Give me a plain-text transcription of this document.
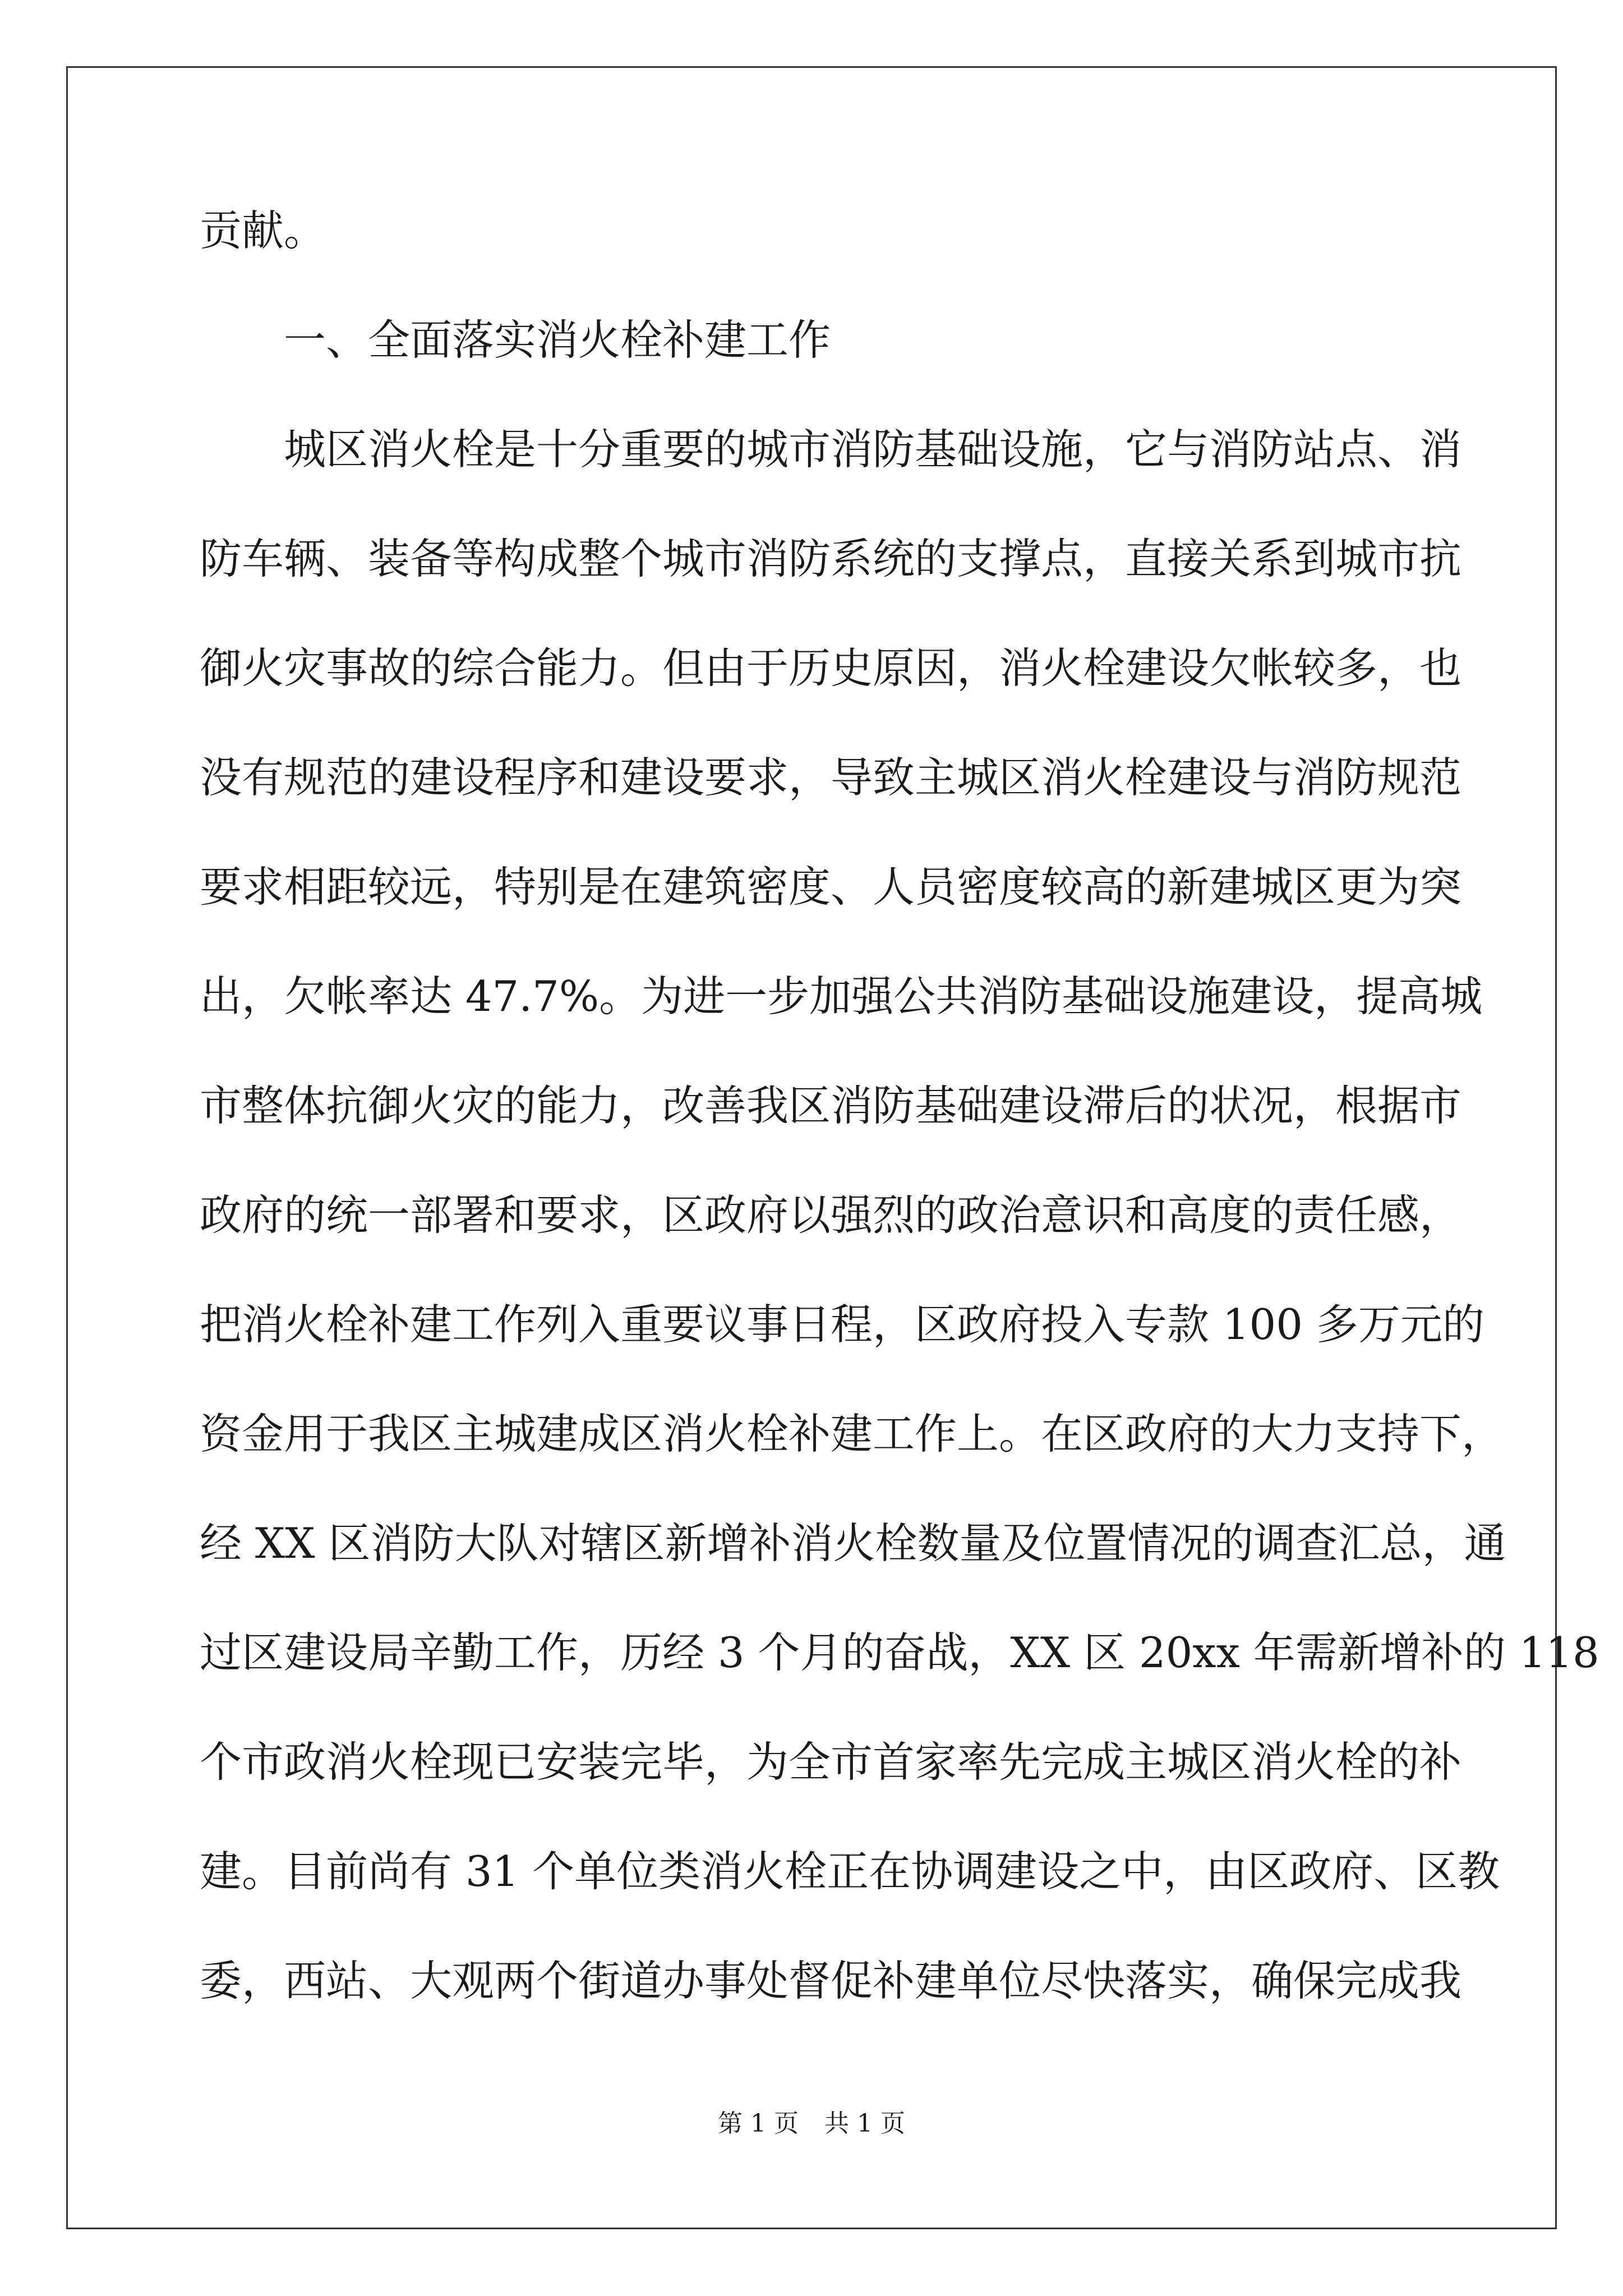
贡献。
一、全面落实消火栓补建工作
城区消火栓是十分重要的城市消防基础设施，它与消防站点、消
防车辆、装备等构成整个城市消防系统的支撑点，直接关系到城市抗
御火灾事故的综合能力。但由于历史原因，消火栓建设欠帐较多，也
没有规范的建设程序和建设要求，导致主城区消火栓建设与消防规范
要求相距较远，特别是在建筑密度、人员密度较高的新建城区更为突
出，欠帐率达 47.7%。为进一步加强公共消防基础设施建设，提高城
市整体抗御火灾的能力，改善我区消防基础建设滞后的状况，根据市
政府的统一部署和要求，区政府以强烈的政治意识和高度的责任感，
把消火栓补建工作列入重要议事日程，区政府投入专款 100 多万元的
资金用于我区主城建成区消火栓补建工作上。在区政府的大力支持下，
经 XX 区消防大队对辖区新增补消火栓数量及位置情况的调查汇总，通
过区建设局辛勤工作，历经 3 个月的奋战，XX 区 20xx 年需新增补的 118
个市政消火栓现已安装完毕，为全市首家率先完成主城区消火栓的补
建。目前尚有 31 个单位类消火栓正在协调建设之中，由区政府、区教
委，西站、大观两个街道办事处督促补建单位尽快落实，确保完成我
第 1 页 共 1 页
